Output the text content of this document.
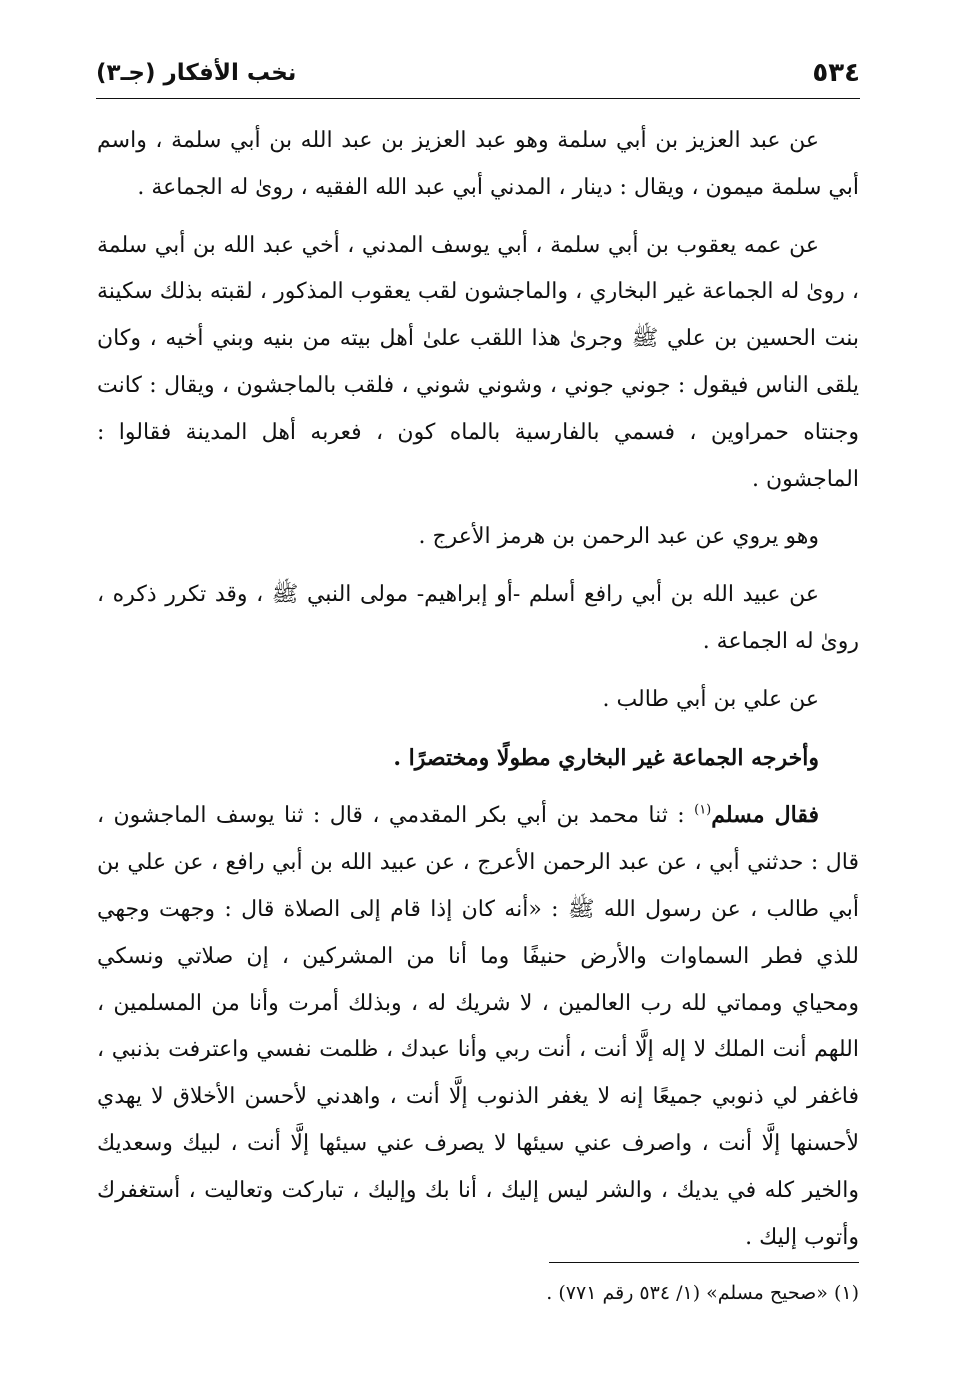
٥٣٤
نخب الأفكار (جـ٣)

عن عبد العزيز بن أبي سلمة وهو عبد العزيز بن عبد الله بن أبي سلمة ، واسم أبي سلمة ميمون ، ويقال : دينار ، المدني أبي عبد الله الفقيه ، روىٰ له الجماعة .

عن عمه يعقوب بن أبي سلمة ، أبي يوسف المدني ، أخي عبد الله بن أبي سلمة ، روىٰ له الجماعة غير البخاري ، والماجشون لقب يعقوب المذكور ، لقبته بذلك سكينة بنت الحسين بن علي ﷺ وجرىٰ هذا اللقب علىٰ أهل بيته من بنيه وبني أخيه ، وكان يلقى الناس فيقول : جوني جوني ، وشوني شوني ، فلقب بالماجشون ، ويقال : كانت وجنتاه حمراوين ، فسمي بالفارسية بالماه كون ، فعربه أهل المدينة فقالوا : الماجشون .

وهو يروي عن عبد الرحمن بن هرمز الأعرج .

عن عبيد الله بن أبي رافع أسلم -أو إبراهيم- مولى النبي ﷺ ، وقد تكرر ذكره ، روىٰ له الجماعة .

عن علي بن أبي طالب .

وأخرجه الجماعة غير البخاري مطولًا ومختصرًا .

فقال مسلم$^{(١)}$ : ثنا محمد بن أبي بكر المقدمي ، قال : ثنا يوسف الماجشون ، قال : حدثني أبي ، عن عبد الرحمن الأعرج ، عن عبيد الله بن أبي رافع ، عن علي بن أبي طالب ، عن رسول الله ﷺ : «أنه كان إذا قام إلى الصلاة قال : وجهت وجهي للذي فطر السماوات والأرض حنيفًا وما أنا من المشركين ، إن صلاتي ونسكي ومحياي ومماتي لله رب العالمين ، لا شريك له ، وبذلك أمرت وأنا من المسلمين ، اللهم أنت الملك لا إله إلَّا أنت ، أنت ربي وأنا عبدك ، ظلمت نفسي واعترفت بذنبي ، فاغفر لي ذنوبي جميعًا إنه لا يغفر الذنوب إلَّا أنت ، واهدني لأحسن الأخلاق لا يهدي لأحسنها إلَّا أنت ، واصرف عني سيئها لا يصرف عني سيئها إلَّا أنت ، لبيك وسعديك والخير كله في يديك ، والشر ليس إليك ، أنا بك وإليك ، تباركت وتعاليت ، أستغفرك وأتوب إليك .

(١) «صحيح مسلم» (١/ ٥٣٤ رقم ٧٧١) .
